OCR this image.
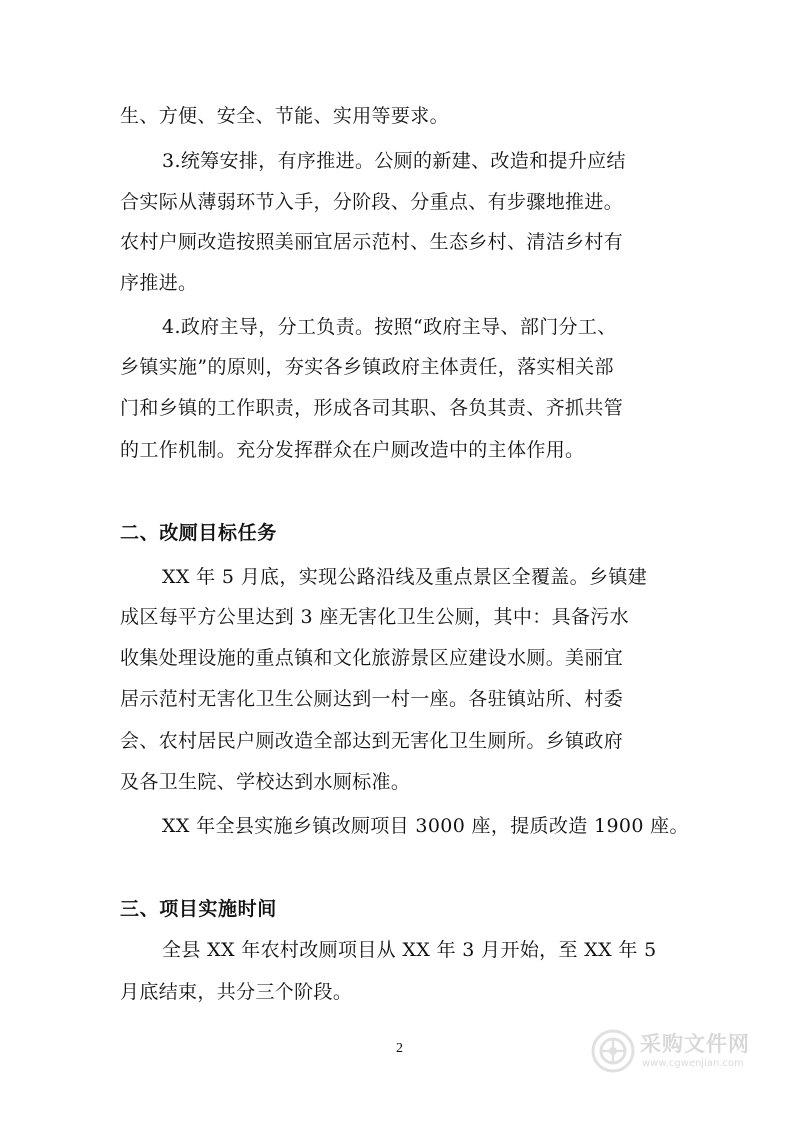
生、方便、安全、节能、实用等要求。
3.统筹安排，有序推进。公厕的新建、改造和提升应结
合实际从薄弱环节入手，分阶段、分重点、有步骤地推进。
农村户厕改造按照美丽宜居示范村、生态乡村、清洁乡村有
序推进。
4.政府主导，分工负责。按照“政府主导、部门分工、
乡镇实施”的原则，夯实各乡镇政府主体责任，落实相关部
门和乡镇的工作职责，形成各司其职、各负其责、齐抓共管
的工作机制。充分发挥群众在户厕改造中的主体作用。
二、改厕目标任务
XX 年 5 月底，实现公路沿线及重点景区全覆盖。乡镇建
成区每平方公里达到 3 座无害化卫生公厕，其中：具备污水
收集处理设施的重点镇和文化旅游景区应建设水厕。美丽宜
居示范村无害化卫生公厕达到一村一座。各驻镇站所、村委
会、农村居民户厕改造全部达到无害化卫生厕所。乡镇政府
及各卫生院、学校达到水厕标准。
XX 年全县实施乡镇改厕项目 3000 座，提质改造 1900 座。
三、项目实施时间
全县 XX 年农村改厕项目从 XX 年 3 月开始，至 XX 年 5
月底结束，共分三个阶段。
2	采购文件网
www.cgwenjian.com
